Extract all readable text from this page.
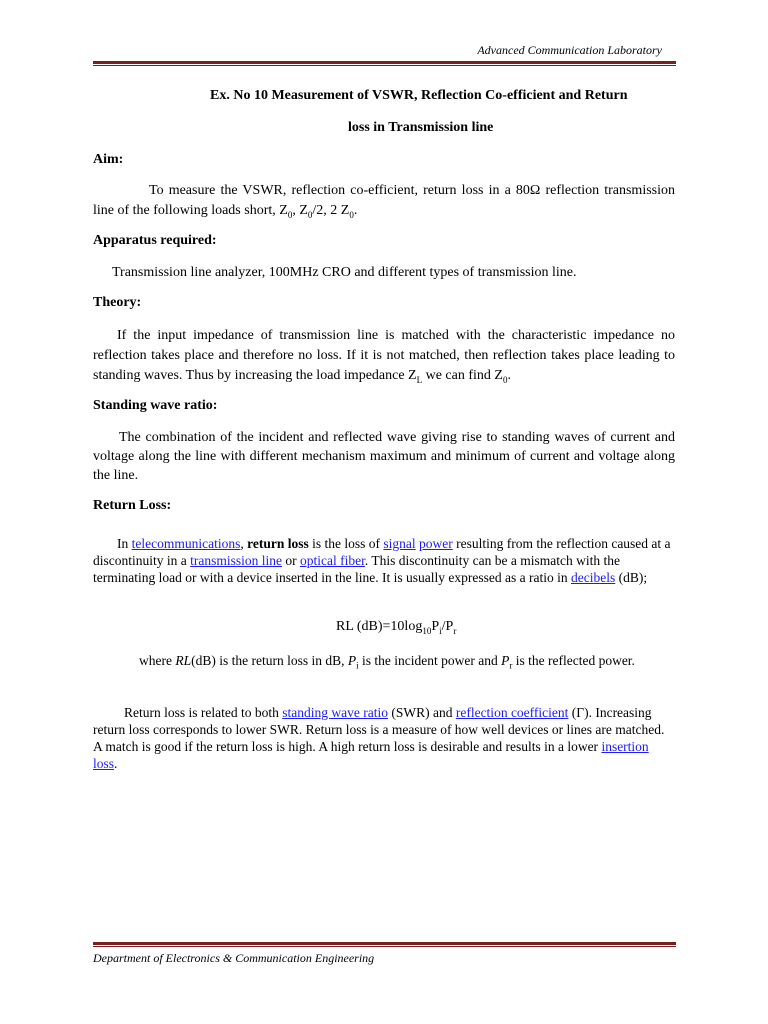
Advanced Communication Laboratory
Ex. No 10 Measurement of VSWR, Reflection Co-efficient and Return
loss in Transmission line
Aim:
To measure the VSWR, reflection co-efficient, return loss in a 80Ω reflection transmission line of the following loads short, $Z_0$, $Z_0/2$, 2 $Z_0$.
Apparatus required:
Transmission line analyzer, 100MHz CRO and different types of transmission line.
Theory:
If the input impedance of transmission line is matched with the characteristic impedance no reflection takes place and therefore no loss. If it is not matched, then reflection takes place leading to standing waves. Thus by increasing the load impedance $Z_L$ we can find $Z_0$.
Standing wave ratio:
The combination of the incident and reflected wave giving rise to standing waves of current and voltage along the line with different mechanism maximum and minimum of current and voltage along the line.
Return Loss:
In telecommunications, return loss is the loss of signal power resulting from the reflection caused at a discontinuity in a transmission line or optical fiber. This discontinuity can be a mismatch with the terminating load or with a device inserted in the line. It is usually expressed as a ratio in decibels (dB);
RL $(dB)=10\log_{10}P_i/P_r$
where RL(dB) is the return loss in dB, $P_i$ is the incident power and $P_r$ is the reflected power.
Return loss is related to both standing wave ratio (SWR) and reflection coefficient (Γ). Increasing return loss corresponds to lower SWR. Return loss is a measure of how well devices or lines are matched. A match is good if the return loss is high. A high return loss is desirable and results in a lower insertion loss.
Department of Electronics & Communication Engineering
